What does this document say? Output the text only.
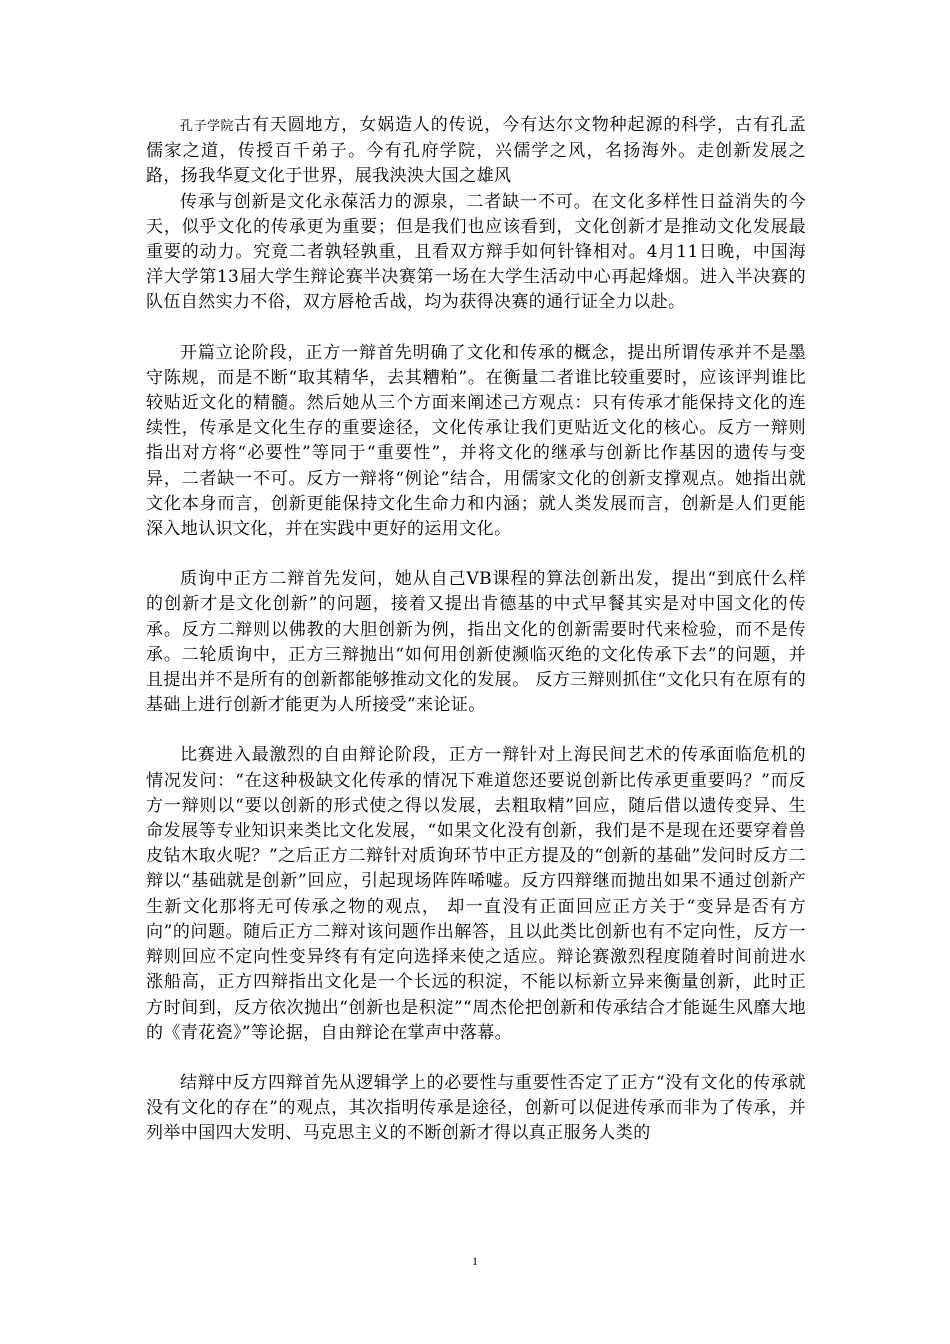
孔子学院古有天圆地方，女娲造人的传说，今有达尔文物种起源的科学，古有孔孟儒家之道，传授百千弟子。今有孔府学院，兴儒学之风，名扬海外。走创新发展之路，扬我华夏文化于世界，展我泱泱大国之雄风

传承与创新是文化永葆活力的源泉，二者缺一不可。在文化多样性日益消失的今天，似乎文化的传承更为重要；但是我们也应该看到，文化创新才是推动文化发展最重要的动力。究竟二者孰轻孰重，且看双方辩手如何针锋相对。4月11日晚，中国海洋大学第13届大学生辩论赛半决赛第一场在大学生活动中心再起烽烟。进入半决赛的队伍自然实力不俗，双方唇枪舌战，均为获得决赛的通行证全力以赴。

开篇立论阶段，正方一辩首先明确了文化和传承的概念，提出所谓传承并不是墨守陈规，而是不断“取其精华，去其糟粕”。在衡量二者谁比较重要时，应该评判谁比较贴近文化的精髓。然后她从三个方面来阐述己方观点：只有传承才能保持文化的连续性，传承是文化生存的重要途径，文化传承让我们更贴近文化的核心。反方一辩则指出对方将“必要性”等同于“重要性”，并将文化的继承与创新比作基因的遗传与变异，二者缺一不可。反方一辩将“例论”结合，用儒家文化的创新支撑观点。她指出就文化本身而言，创新更能保持文化生命力和内涵；就人类发展而言，创新是人们更能深入地认识文化，并在实践中更好的运用文化。

质询中正方二辩首先发问，她从自己VB课程的算法创新出发，提出“到底什么样的创新才是文化创新”的问题，接着又提出肯德基的中式早餐其实是对中国文化的传承。反方二辩则以佛教的大胆创新为例，指出文化的创新需要时代来检验，而不是传承。二轮质询中，正方三辩抛出“如何用创新使濒临灭绝的文化传承下去”的问题，并且提出并不是所有的创新都能够推动文化的发展。 反方三辩则抓住“文化只有在原有的基础上进行创新才能更为人所接受”来论证。

比赛进入最激烈的自由辩论阶段，正方一辩针对上海民间艺术的传承面临危机的情况发问：“在这种极缺文化传承的情况下难道您还要说创新比传承更重要吗？”而反方一辩则以“要以创新的形式使之得以发展，去粗取精”回应，随后借以遗传变异、生命发展等专业知识来类比文化发展，“如果文化没有创新，我们是不是现在还要穿着兽皮钻木取火呢？”之后正方二辩针对质询环节中正方提及的“创新的基础”发问时反方二辩以“基础就是创新”回应，引起现场阵阵唏嘘。反方四辩继而抛出如果不通过创新产生新文化那将无可传承之物的观点， 却一直没有正面回应正方关于“变异是否有方向”的问题。随后正方二辩对该问题作出解答，且以此类比创新也有不定向性，反方一辩则回应不定向性变异终有有定向选择来使之适应。辩论赛激烈程度随着时间前进水涨船高，正方四辩指出文化是一个长远的积淀，不能以标新立异来衡量创新，此时正方时间到，反方依次抛出“创新也是积淀”“周杰伦把创新和传承结合才能诞生风靡大地的《青花瓷》”等论据，自由辩论在掌声中落幕。

结辩中反方四辩首先从逻辑学上的必要性与重要性否定了正方“没有文化的传承就没有文化的存在”的观点，其次指明传承是途径，创新可以促进传承而非为了传承，并列举中国四大发明、马克思主义的不断创新才得以真正服务人类的

1
